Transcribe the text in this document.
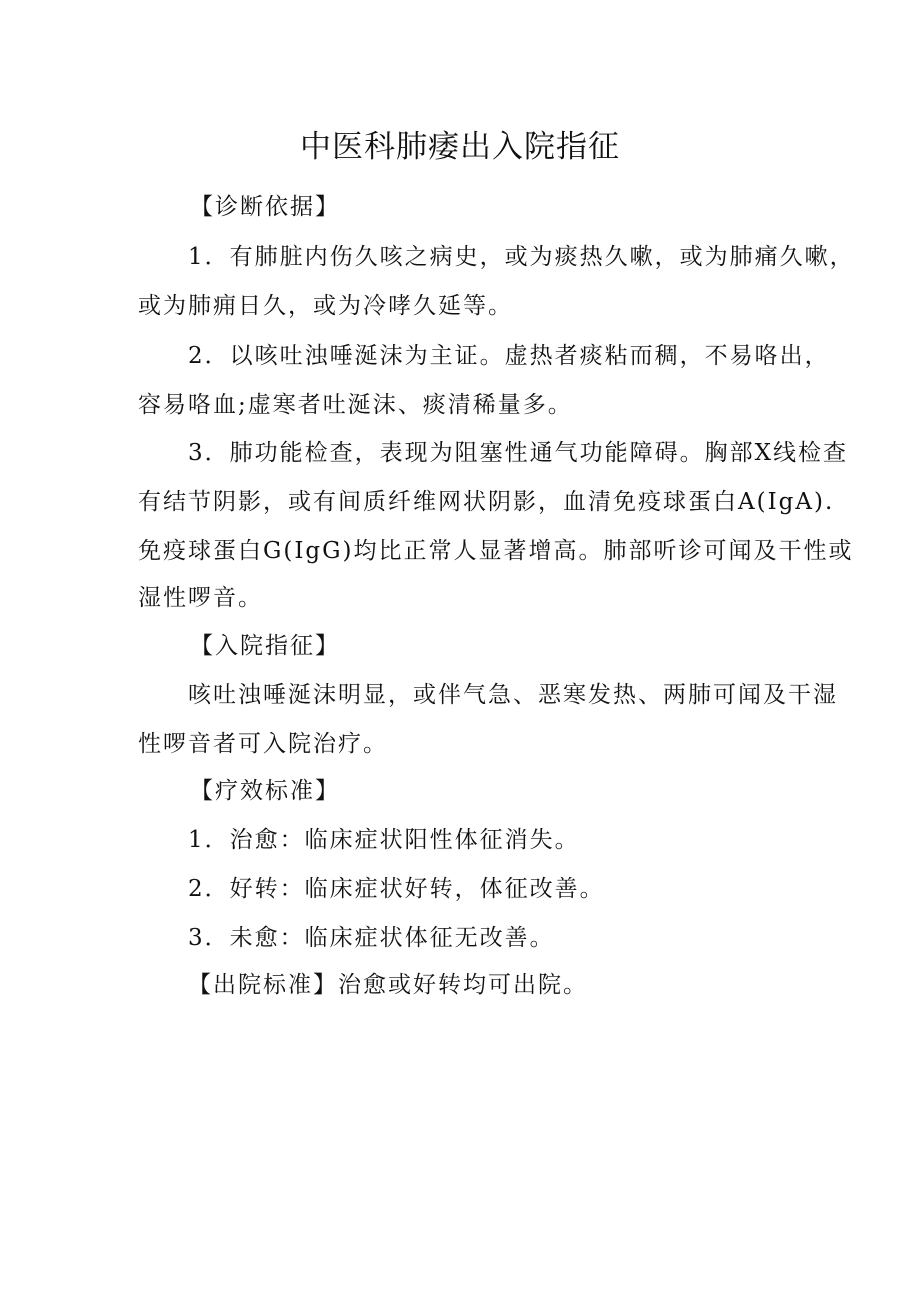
中医科肺痿出入院指征
【诊断依据】
1．有肺脏内伤久咳之病史，或为痰热久嗽，或为肺痛久嗽，
或为肺痈日久，或为冷哮久延等。
2．以咳吐浊唾涎沫为主证。虚热者痰粘而稠，不易咯出，
容易咯血;虚寒者吐涎沫、痰清稀量多。
3．肺功能检查，表现为阻塞性通气功能障碍。胸部X线检查
有结节阴影，或有间质纤维网状阴影，血清免疫球蛋白A(IgA).
免疫球蛋白G(IgG)均比正常人显著增高。肺部听诊可闻及干性或
湿性啰音。
【入院指征】
咳吐浊唾涎沫明显，或伴气急、恶寒发热、两肺可闻及干湿
性啰音者可入院治疗。
【疗效标准】
1．治愈：临床症状阳性体征消失。
2．好转：临床症状好转，体征改善。
3．未愈：临床症状体征无改善。
【出院标准】治愈或好转均可出院。
